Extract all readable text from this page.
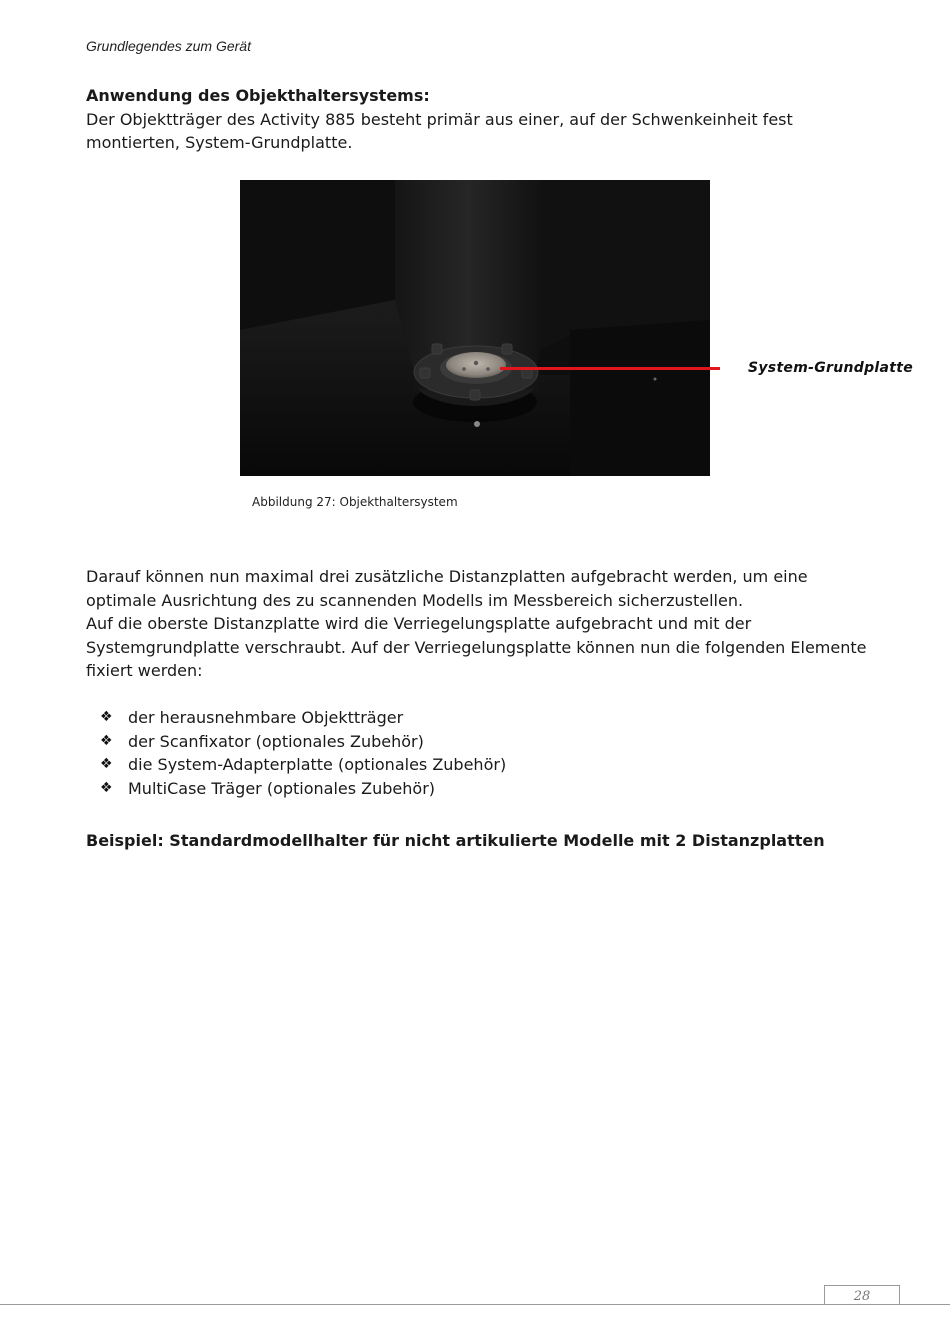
Grundlegendes zum Gerät
Anwendung des Objekthaltersystems:
Der Objektträger des Activity 885 besteht primär aus einer, auf der Schwenkeinheit fest montierten, System-Grundplatte.
System-Grundplatte
Abbildung 27: Objekthaltersystem
Darauf können nun maximal drei zusätzliche Distanzplatten aufgebracht werden, um eine optimale Ausrichtung des zu scannenden Modells im Messbereich sicherzustellen.
Auf die oberste Distanzplatte wird die Verriegelungsplatte aufgebracht und mit der Systemgrundplatte verschraubt. Auf der Verriegelungsplatte können nun die folgenden Elemente fixiert werden:
❖ der herausnehmbare Objektträger
❖ der Scanfixator (optionales Zubehör)
❖ die System-Adapterplatte (optionales Zubehör)
❖ MultiCase Träger (optionales Zubehör)
Beispiel: Standardmodellhalter für nicht artikulierte Modelle mit 2 Distanzplatten
28
